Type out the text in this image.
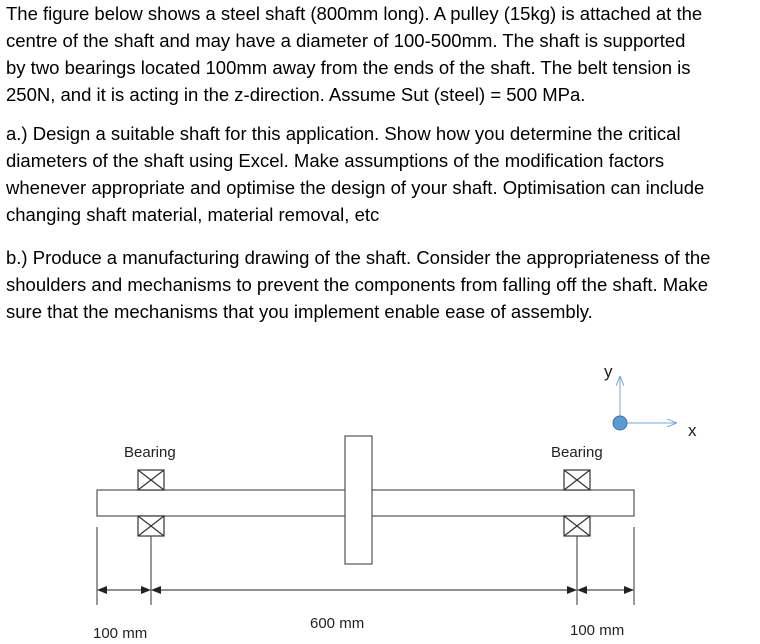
The figure below shows a steel shaft (800mm long). A pulley (15kg) is attached at the
centre of the shaft and may have a diameter of 100-500mm. The shaft is supported
by two bearings located 100mm away from the ends of the shaft. The belt tension is
250N, and it is acting in the z-direction. Assume Sut (steel) = 500 MPa.
a.) Design a suitable shaft for this application. Show how you determine the critical
diameters of the shaft using Excel. Make assumptions of the modification factors
whenever appropriate and optimise the design of your shaft. Optimisation can include
changing shaft material, material removal, etc
b.) Produce a manufacturing drawing of the shaft. Consider the appropriateness of the
shoulders and mechanisms to prevent the components from falling off the shaft. Make
sure that the mechanisms that you implement enable ease of assembly.
y
x
Bearing	Bearing
100 mm
600 mm	100 mm
